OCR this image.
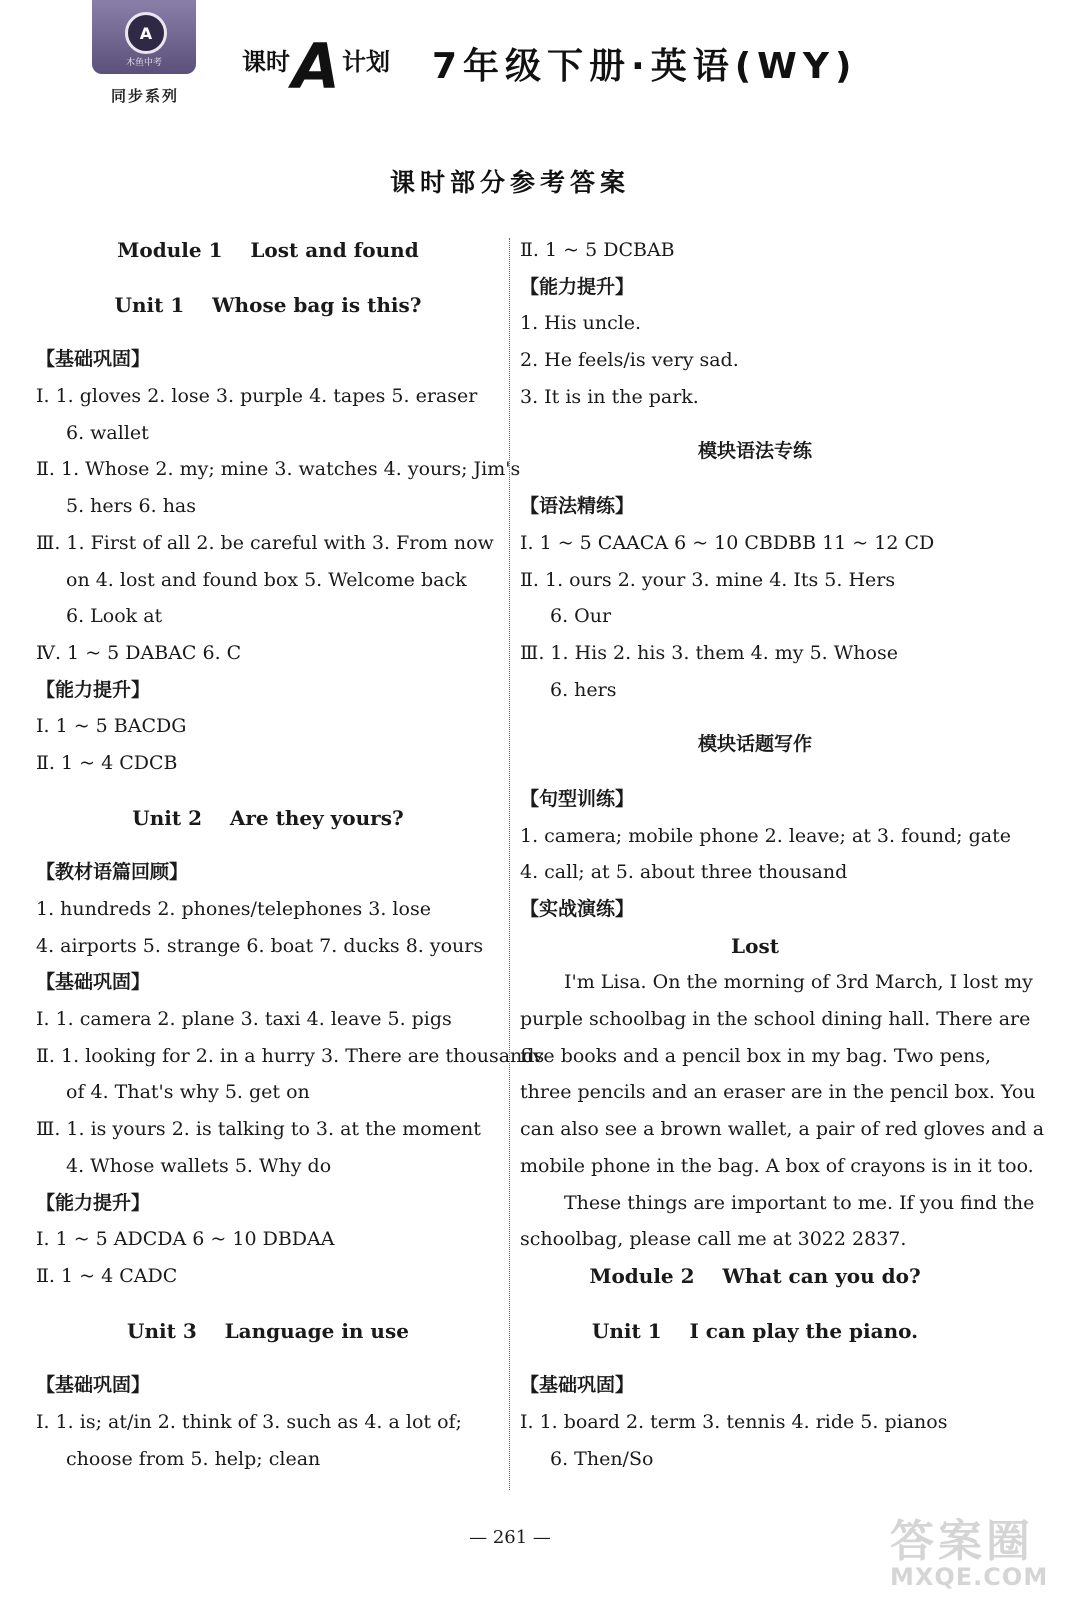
A
木鱼中考
同步系列
课时A计划 7年级下册·英语(WY)
课时部分参考答案
Module 1    Lost and found
Unit 1    Whose bag is this?
【基础巩固】
Ⅰ. 1. gloves 2. lose 3. purple 4. tapes 5. eraser
6. wallet
Ⅱ. 1. Whose 2. my; mine 3. watches 4. yours; Jim's
5. hers 6. has
Ⅲ. 1. First of all 2. be careful with 3. From now
on 4. lost and found box 5. Welcome back
6. Look at
Ⅳ. 1 ~ 5 DABAC 6. C
【能力提升】
Ⅰ. 1 ~ 5 BACDG
Ⅱ. 1 ~ 4 CDCB
Unit 2    Are they yours?
【教材语篇回顾】
1. hundreds 2. phones/telephones 3. lose
4. airports 5. strange 6. boat 7. ducks 8. yours
【基础巩固】
Ⅰ. 1. camera 2. plane 3. taxi 4. leave 5. pigs
Ⅱ. 1. looking for 2. in a hurry 3. There are thousands
of 4. That's why 5. get on
Ⅲ. 1. is yours 2. is talking to 3. at the moment
4. Whose wallets 5. Why do
【能力提升】
Ⅰ. 1 ~ 5 ADCDA 6 ~ 10 DBDAA
Ⅱ. 1 ~ 4 CADC
Unit 3    Language in use
【基础巩固】
Ⅰ. 1. is; at/in 2. think of 3. such as 4. a lot of;
choose from 5. help; clean
Ⅱ. 1 ~ 5 DCBAB
【能力提升】
1. His uncle.
2. He feels/is very sad.
3. It is in the park.
模块语法专练
【语法精练】
Ⅰ. 1 ~ 5 CAACA 6 ~ 10 CBDBB 11 ~ 12 CD
Ⅱ. 1. ours 2. your 3. mine 4. Its 5. Hers
6. Our
Ⅲ. 1. His 2. his 3. them 4. my 5. Whose
6. hers
模块话题写作
【句型训练】
1. camera; mobile phone 2. leave; at 3. found; gate
4. call; at 5. about three thousand
【实战演练】
Lost
I'm Lisa. On the morning of 3rd March, I lost my
purple schoolbag in the school dining hall. There are
five books and a pencil box in my bag. Two pens,
three pencils and an eraser are in the pencil box. You
can also see a brown wallet, a pair of red gloves and a
mobile phone in the bag. A box of crayons is in it too.
These things are important to me. If you find the
schoolbag, please call me at 3022 2837.
Module 2    What can you do?
Unit 1    I can play the piano.
【基础巩固】
Ⅰ. 1. board 2. term 3. tennis 4. ride 5. pianos
6. Then/So
— 261 —	答案圈
MXQE.COM
